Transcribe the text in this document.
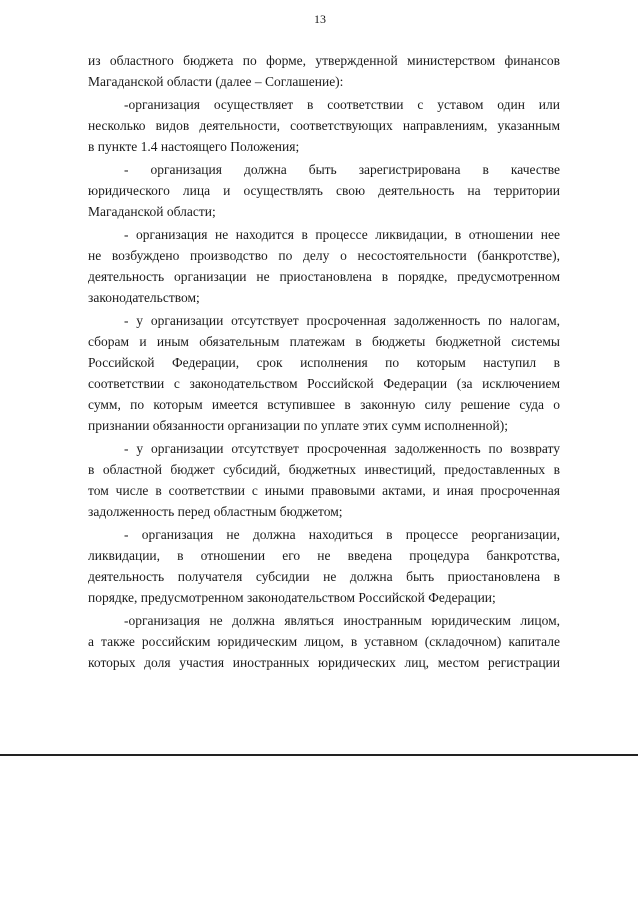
13
из областного бюджета по форме, утвержденной министерством финансов
Магаданской области (далее – Соглашение):
-организация осуществляет в соответствии с уставом один или
несколько видов деятельности, соответствующих направлениям, указанным
в пункте 1.4 настоящего Положения;
- организация должна быть зарегистрирована в качестве
юридического лица и осуществлять свою деятельность на территории
Магаданской области;
- организация не находится в процессе ликвидации, в отношении нее
не возбуждено производство по делу о несостоятельности (банкротстве),
деятельность организации не приостановлена в порядке, предусмотренном
законодательством;
- у организации отсутствует просроченная задолженность по налогам,
сборам и иным обязательным платежам в бюджеты бюджетной системы
Российской Федерации, срок исполнения по которым наступил в
соответствии с законодательством Российской Федерации (за исключением
сумм, по которым имеется вступившее в законную силу решение суда о
признании обязанности организации по уплате этих сумм исполненной);
- у организации отсутствует просроченная задолженность по возврату
в областной бюджет субсидий, бюджетных инвестиций, предоставленных в
том числе в соответствии с иными правовыми актами, и иная просроченная
задолженность перед областным бюджетом;
- организация не должна находиться в процессе реорганизации,
ликвидации, в отношении его не введена процедура банкротства,
деятельность получателя субсидии не должна быть приостановлена в
порядке, предусмотренном законодательством Российской Федерации;
-организация не должна являться иностранным юридическим лицом,
а также российским юридическим лицом, в уставном (складочном) капитале
которых доля участия иностранных юридических лиц, местом регистрации
